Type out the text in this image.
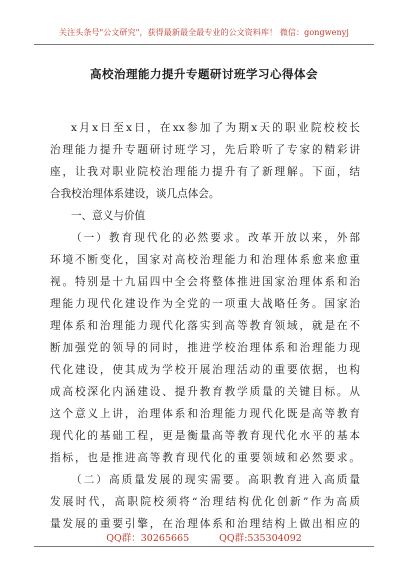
关注头条号"公文研究"，获得最新最全最专业的公文资料库！ 微信：gongwenyj
高校治理能力提升专题研讨班学习心得体会
x月x日至x日，在xx参加了为期x天的职业院校校长
治理能力提升专题研讨班学习，先后聆听了专家的精彩讲
座，让我对职业院校治理能力提升有了新理解。下面，结
合我校治理体系建设，谈几点体会。
一、意义与价值
（一）教育现代化的必然要求。改革开放以来，外部
环境不断变化，国家对高校治理能力和治理体系愈来愈重
视。特别是十九届四中全会将整体推进国家治理体系和治
理能力现代化建设作为全党的一项重大战略任务。国家治
理体系和治理能力现代化落实到高等教育领域，就是在不
断加强党的领导的同时，推进学校治理体系和治理能力现
代化建设，使其成为学校开展治理活动的重要依据，也构
成高校深化内涵建设、提升教育教学质量的关键目标。从
这个意义上讲，治理体系和治理能力现代化既是高等教育
现代化的基础工程，更是衡量高等教育现代化水平的基本
指标，也是推进高等教育现代化的重要领域和必然要求。
（二）高质量发展的现实需要。高职教育进入高质量
发展时代，高职院校须将“治理结构优化创新”作为高质
量发展的重要引擎，在治理体系和治理结构上做出相应的
QQ群：30265665	QQ群:535304092
